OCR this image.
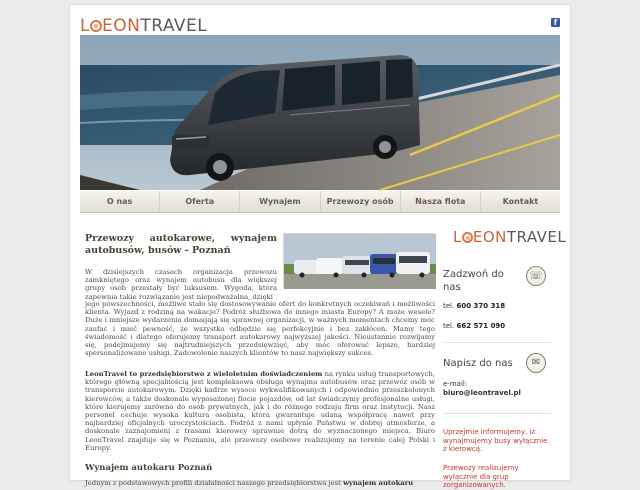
L EONTRAVEL	f
O nas	Oferta	Wynajem	Przewozy osób	Nasza flota	Kontakt
Przewozy autokarowe, wynajem autobusów, busów - Poznań
W dzisiejszych czasach organizacja przewozu zamkniętego oraz wynajem autobusu dla większej grupy osób przestały być luksusem. Wygoda, która zapewnia takie rozwiązanie jest niepodważalna, dzięki
jego powszechności, możliwe stało się dostosowywanie ofert do konkretnych oczekiwań i możliwości klienta. Wyjazd z rodziną na wakacje? Podróż służbowa do innego miasta Europy? A może wesele? Duże i mniejsze wydarzenia domagają się sprawnej organizacji, w ważnych momentach chcemy móc zaufać i mieć pewność, że wszystko odbędzie się perfekcyjnie i bez zakłóceń. Mamy tego świadomość i dlatego oferujemy transport autokarowy najwyższej jakości. Nieustannie rozwijamy się, podejmujemy się najtrudniejszych przedsięwzięć, aby móc oferować lepsze, bardziej spersonalizowane usługi. Zadowolenie naszych klientów to nasz największy sukces.
LeonTravel to przedsiębiorstwo z wieloletnim doświadczeniem na rynku usług transportowych, którego główną specjalnością jest kompleksowa obsługa wynajmu autobusów oraz przewóz osób w transporcie autokarowym. Dzięki kadrze wysoce wykwalifikowanych i odpowiednio przeszkolonych kierowców, a także doskonale wyposażonej flocie pojazdów, od lat świadczymy profesjonalne usługi, które kierujemy zarówno do osób prywatnych, jak i do różnego rodzaju firm oraz instytucji. Nasz personel cechuje wysoka kultura osobista, która gwarantuje udaną współpracę nawet przy najbardziej oficjalnych uroczystościach. Podróż z nami upłynie Państwu w dobrej atmosferze, a doskonale zaznajomieni z trasami kierowcy sprawnie dotrą do wyznaczonego miejsca. Biuro LeonTravel znajduje się w Poznaniu, ale przewozy osobowe realizujemy na terenie całej Polski i Europy.
Wynajem autokaru Poznań
Jednym z podstawowych profili działalności naszego przedsiębiorstwa jest wynajem autokaru
L EONTRAVEL
Zadzwoń do nas
☏
tel. 600 370 318
tel. 662 571 090
Napisz do nas	✉
e-mail:
biuro@leontravel.pl
Uprzejmie informujemy, iż wynajmujemy busy wyłącznie z kierowcą.
Przewozy realizujemy wyłącznie dla grup zorganizowanych.
